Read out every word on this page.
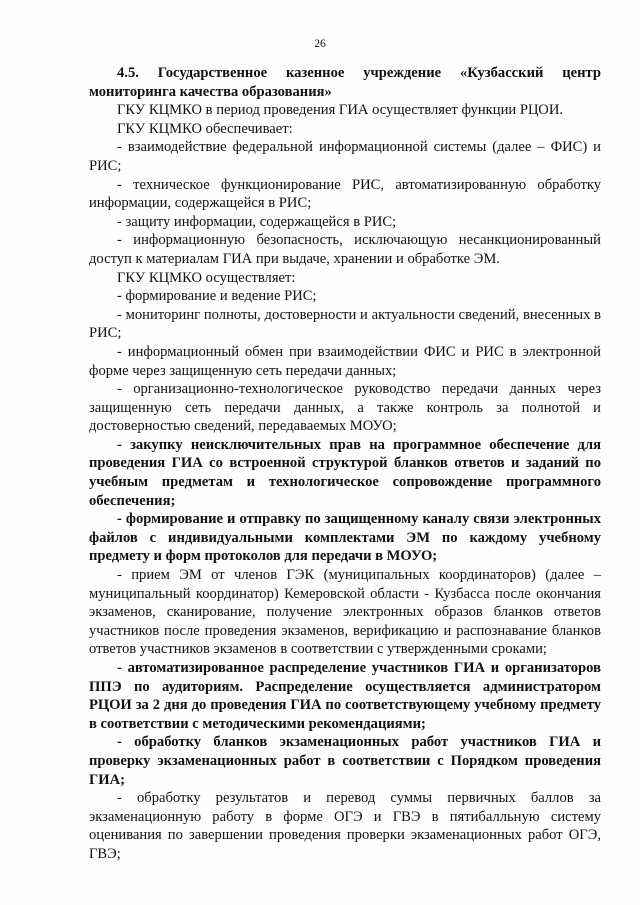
26

4.5. Государственное казенное учреждение «Кузбасский центр мониторинга качества образования»

ГКУ КЦМКО в период проведения ГИА осуществляет функции РЦОИ.

ГКУ КЦМКО обеспечивает:

- взаимодействие федеральной информационной системы (далее – ФИС) и РИС;

- техническое функционирование РИС, автоматизированную обработку информации, содержащейся в РИС;

- защиту информации, содержащейся в РИС;

- информационную безопасность, исключающую несанкционированный доступ к материалам ГИА при выдаче, хранении и обработке ЭМ.

ГКУ КЦМКО осуществляет:

- формирование и ведение РИС;

- мониторинг полноты, достоверности и актуальности сведений, внесенных в РИС;

- информационный обмен при взаимодействии ФИС и РИС в электронной форме через защищенную сеть передачи данных;

- организационно-технологическое руководство передачи данных через защищенную сеть передачи данных, а также контроль за полнотой и достоверностью сведений, передаваемых МОУО;

- закупку неисключительных прав на программное обеспечение для проведения ГИА со встроенной структурой бланков ответов и заданий по учебным предметам и технологическое сопровождение программного обеспечения;

- формирование и отправку по защищенному каналу связи электронных файлов с индивидуальными комплектами ЭМ по каждому учебному предмету и форм протоколов для передачи в МОУО;

- прием ЭМ от членов ГЭК (муниципальных координаторов) (далее – муниципальный координатор) Кемеровской области - Кузбасса после окончания экзаменов, сканирование, получение электронных образов бланков ответов участников после проведения экзаменов, верификацию и распознавание бланков ответов участников экзаменов в соответствии с утвержденными сроками;

- автоматизированное распределение участников ГИА и организаторов ППЭ по аудиториям. Распределение осуществляется администратором РЦОИ за 2 дня до проведения ГИА по соответствующему учебному предмету в соответствии с методическими рекомендациями;

- обработку бланков экзаменационных работ участников ГИА и проверку экзаменационных работ в соответствии с Порядком проведения ГИА;

- обработку результатов и перевод суммы первичных баллов за экзаменационную работу в форме ОГЭ и ГВЭ в пятибалльную систему оценивания по завершении проведения проверки экзаменационных работ ОГЭ, ГВЭ;
